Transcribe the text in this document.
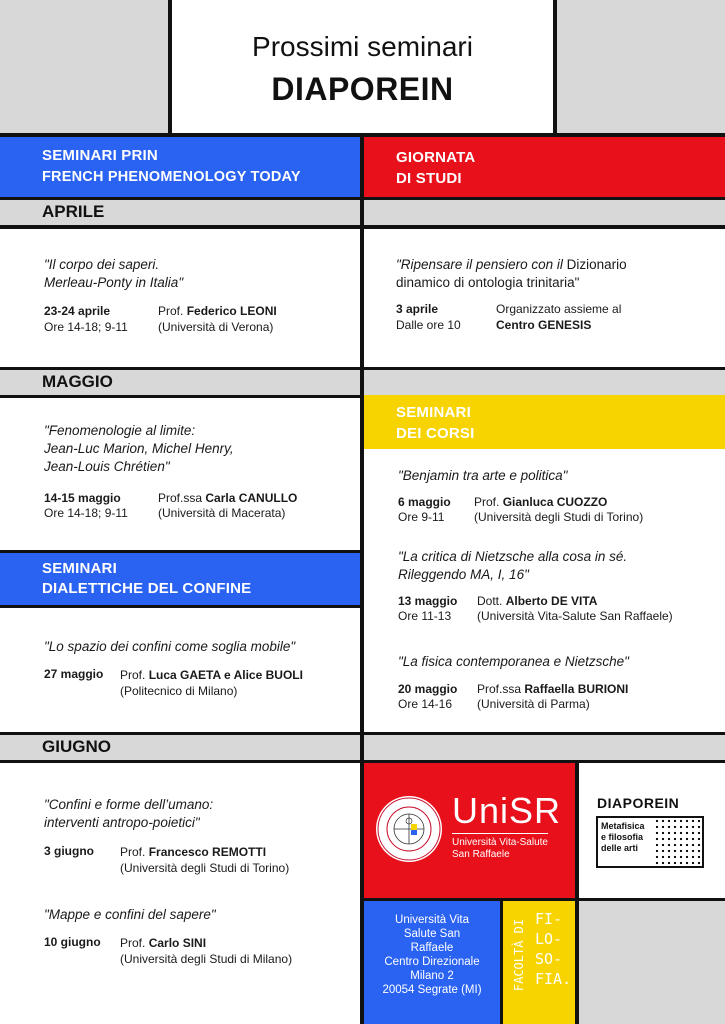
Prossimi seminari
DIAPOREIN
SEMINARI PRIN
FRENCH PHENOMENOLOGY TODAY
APRILE
"Il corpo dei saperi.
Merleau-Ponty in Italia"
23-24 aprile
Ore 14-18; 9-11
Prof. Federico LEONI
(Università di Verona)
MAGGIO
"Fenomenologie al limite:
Jean-Luc Marion, Michel Henry,
Jean-Louis Chrétien"
14-15 maggio
Ore 14-18; 9-11
Prof.ssa Carla CANULLO
(Università di Macerata)
SEMINARI
DIALETTICHE DEL CONFINE
"Lo spazio dei confini come soglia mobile"
27 maggio Prof. Luca GAETA e Alice BUOLI
(Politecnico di Milano)
GIUGNO
"Confini e forme dell’umano:
interventi antropo-poietici"
3 giugno Prof. Francesco REMOTTI
(Università degli Studi di Torino)
"Mappe e confini del sapere"
10 giugno Prof. Carlo SINI
(Università degli Studi di Milano)
GIORNATA
DI STUDI
"Ripensare il pensiero con il Dizionario
dinamico di ontologia trinitaria"
3 aprile
Dalle ore 10
Organizzato assieme al
Centro GENESIS
SEMINARI
DEI CORSI
"Benjamin tra arte e politica"
6 maggio
Ore 9-11
Prof. Gianluca CUOZZO
(Università degli Studi di Torino)
"La critica di Nietzsche alla cosa in sé.
Rileggendo MA, I, 16"
13 maggio
Ore 11-13
Dott. Alberto DE VITA
(Università Vita-Salute San Raffaele)
"La fisica contemporanea e Nietzsche"
20 maggio
Ore 14-16
Prof.ssa Raffaella BURIONI
(Università di Parma)
UniSR
Università Vita-Salute
San Raffaele
DIAPOREIN
Metafisica
e filosofia
delle arti
Università Vita
Salute San
Raffaele
Centro Direzionale
Milano 2
20054 Segrate (MI)	FACOLTÀ DI FI-
LO-
SO-
FIA.
